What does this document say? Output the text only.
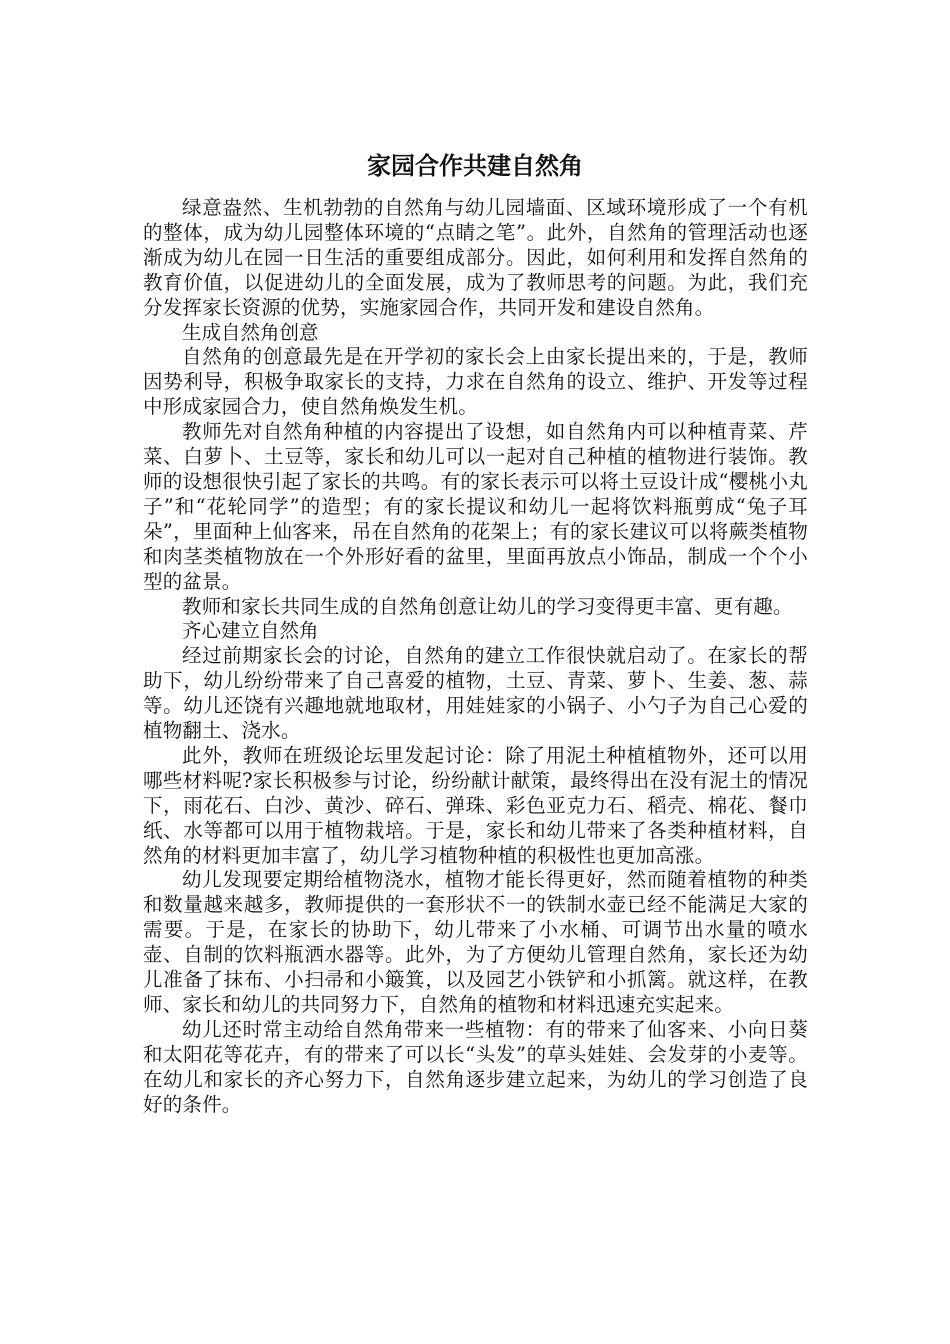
家园合作共建自然角

绿意盎然、生机勃勃的自然角与幼儿园墙面、区域环境形成了一个有机的整体，成为幼儿园整体环境的“点睛之笔”。此外，自然角的管理活动也逐渐成为幼儿在园一日生活的重要组成部分。因此，如何利用和发挥自然角的教育价值，以促进幼儿的全面发展，成为了教师思考的问题。为此，我们充分发挥家长资源的优势，实施家园合作，共同开发和建设自然角。

生成自然角创意

自然角的创意最先是在开学初的家长会上由家长提出来的，于是，教师因势利导，积极争取家长的支持，力求在自然角的设立、维护、开发等过程中形成家园合力，使自然角焕发生机。

教师先对自然角种植的内容提出了设想，如自然角内可以种植青菜、芹菜、白萝卜、土豆等，家长和幼儿可以一起对自己种植的植物进行装饰。教师的设想很快引起了家长的共鸣。有的家长表示可以将土豆设计成“樱桃小丸子”和“花轮同学”的造型；有的家长提议和幼儿一起将饮料瓶剪成“兔子耳朵”，里面种上仙客来，吊在自然角的花架上；有的家长建议可以将蕨类植物和肉茎类植物放在一个外形好看的盆里，里面再放点小饰品，制成一个个小型的盆景。

教师和家长共同生成的自然角创意让幼儿的学习变得更丰富、更有趣。

齐心建立自然角

经过前期家长会的讨论，自然角的建立工作很快就启动了。在家长的帮助下，幼儿纷纷带来了自己喜爱的植物，土豆、青菜、萝卜、生姜、葱、蒜等。幼儿还饶有兴趣地就地取材，用娃娃家的小锅子、小勺子为自己心爱的植物翻土、浇水。

此外，教师在班级论坛里发起讨论：除了用泥土种植植物外，还可以用哪些材料呢?家长积极参与讨论，纷纷献计献策，最终得出在没有泥土的情况下，雨花石、白沙、黄沙、碎石、弹珠、彩色亚克力石、稻壳、棉花、餐巾纸、水等都可以用于植物栽培。于是，家长和幼儿带来了各类种植材料，自然角的材料更加丰富了，幼儿学习植物种植的积极性也更加高涨。

幼儿发现要定期给植物浇水，植物才能长得更好，然而随着植物的种类和数量越来越多，教师提供的一套形状不一的铁制水壶已经不能满足大家的需要。于是，在家长的协助下，幼儿带来了小水桶、可调节出水量的喷水壶、自制的饮料瓶洒水器等。此外，为了方便幼儿管理自然角，家长还为幼儿准备了抹布、小扫帚和小簸箕，以及园艺小铁铲和小抓篱。就这样，在教师、家长和幼儿的共同努力下，自然角的植物和材料迅速充实起来。

幼儿还时常主动给自然角带来一些植物：有的带来了仙客来、小向日葵和太阳花等花卉，有的带来了可以长“头发”的草头娃娃、会发芽的小麦等。在幼儿和家长的齐心努力下，自然角逐步建立起来，为幼儿的学习创造了良好的条件。
